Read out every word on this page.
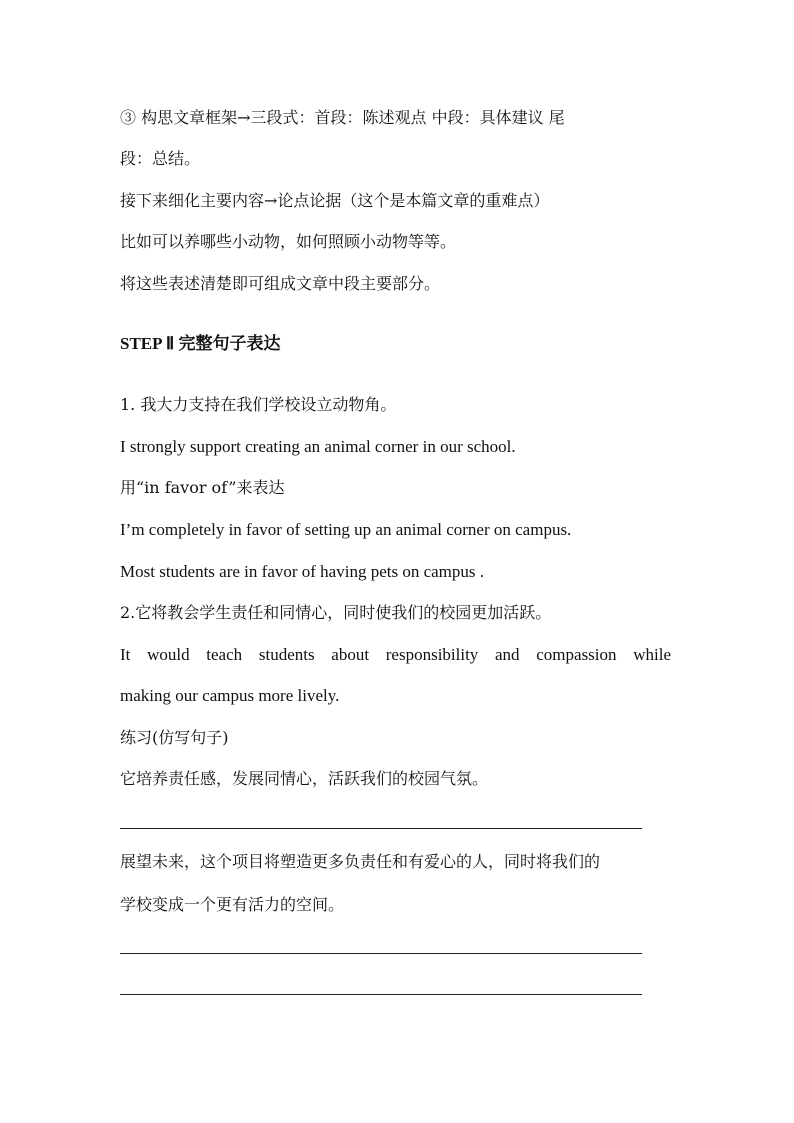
③ 构思文章框架→三段式：首段：陈述观点 中段：具体建议 尾
段：总结。
接下来细化主要内容→论点论据（这个是本篇文章的重难点）
比如可以养哪些小动物，如何照顾小动物等等。
将这些表述清楚即可组成文章中段主要部分。
STEP Ⅱ 完整句子表达
1. 我大力支持在我们学校设立动物角。
I strongly support creating an animal corner in our school.
用“in favor of”来表达
I’m completely in favor of setting up an animal corner on campus.
Most students are in favor of having pets on campus .
2.它将教会学生责任和同情心，同时使我们的校园更加活跃。
It would teach students about responsibility and compassion while
making our campus more lively.
练习(仿写句子)
它培养责任感，发展同情心，活跃我们的校园气氛。
展望未来，这个项目将塑造更多负责任和有爱心的人，同时将我们的
学校变成一个更有活力的空间。
